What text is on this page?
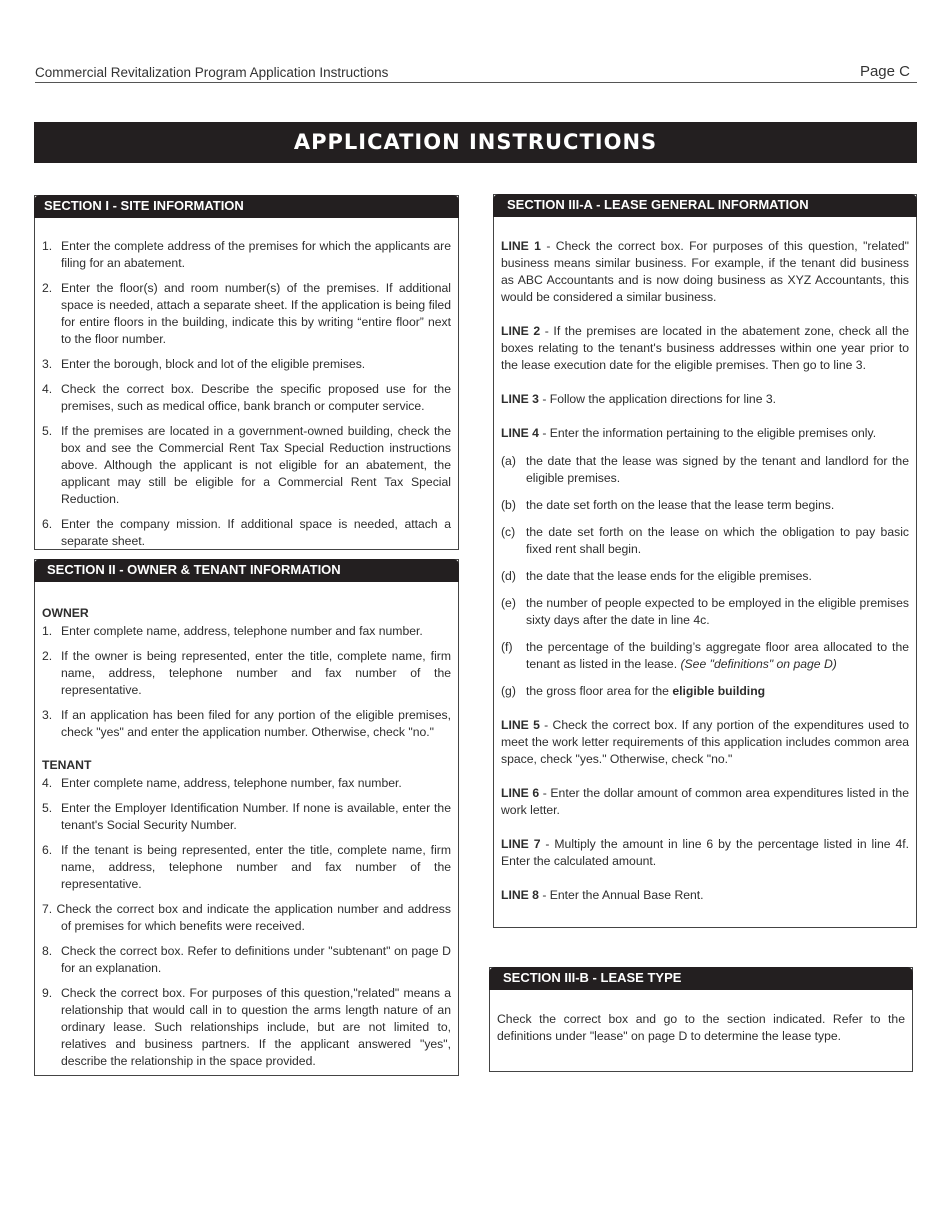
Commercial Revitalization Program Application Instructions	Page C
APPLICATION INSTRUCTIONS
SECTION I - SITE INFORMATION
1. Enter the complete address of the premises for which the applicants are filing for an abatement.
2. Enter the floor(s) and room number(s) of the premises. If additional space is needed, attach a separate sheet. If the application is being filed for entire floors in the building, indicate this by writing “entire floor” next to the floor number.
3. Enter the borough, block and lot of the eligible premises.
4. Check the correct box. Describe the specific proposed use for the premises, such as medical office, bank branch or computer service.
5. If the premises are located in a government-owned building, check the box and see the Commercial Rent Tax Special Reduction instructions above. Although the applicant is not eligible for an abatement, the applicant may still be eligible for a Commercial Rent Tax Special Reduction.
6. Enter the company mission. If additional space is needed, attach a separate sheet.
SECTION II - OWNER & TENANT INFORMATION
OWNER
1. Enter complete name, address, telephone number and fax number.
2. If the owner is being represented, enter the title, complete name, firm name, address, telephone number and fax number of the representative.
3. If an application has been filed for any portion of the eligible premises, check "yes" and enter the application number. Otherwise, check "no."
TENANT
4. Enter complete name, address, telephone number, fax number.
5. Enter the Employer Identification Number. If none is available, enter the tenant's Social Security Number.
6. If the tenant is being represented, enter the title, complete name, firm name, address, telephone number and fax number of the representative.
7. Check the correct box and indicate the application number and address of premises for which benefits were received.
8. Check the correct box. Refer to definitions under "subtenant" on page D for an explanation.
9. Check the correct box. For purposes of this question,"related" means a relationship that would call in to question the arms length nature of an ordinary lease. Such relationships include, but are not limited to, relatives and business partners. If the applicant answered "yes", describe the relationship in the space provided.
SECTION III-A - LEASE GENERAL INFORMATION
LINE 1 - Check the correct box. For purposes of this question, "related" business means similar business. For example, if the tenant did business as ABC Accountants and is now doing business as XYZ Accountants, this would be considered a similar business.
LINE 2 - If the premises are located in the abatement zone, check all the boxes relating to the tenant's business addresses within one year prior to the lease execution date for the eligible premises. Then go to line 3.
LINE 3 - Follow the application directions for line 3.
LINE 4 - Enter the information pertaining to the eligible premises only.
(a) the date that the lease was signed by the tenant and landlord for the eligible premises.
(b) the date set forth on the lease that the lease term begins.
(c) the date set forth on the lease on which the obligation to pay basic fixed rent shall begin.
(d) the date that the lease ends for the eligible premises.
(e) the number of people expected to be employed in the eligible premises sixty days after the date in line 4c.
(f) the percentage of the building’s aggregate floor area allocated to the tenant as listed in the lease. (See "definitions" on page D)
(g) the gross floor area for the eligible building
LINE 5 - Check the correct box. If any portion of the expenditures used to meet the work letter requirements of this application includes common area space, check "yes." Otherwise, check "no."
LINE 6 - Enter the dollar amount of common area expenditures listed in the work letter.
LINE 7 - Multiply the amount in line 6 by the percentage listed in line 4f. Enter the calculated amount.
LINE 8 - Enter the Annual Base Rent.
SECTION III-B - LEASE TYPE
Check the correct box and go to the section indicated. Refer to the definitions under "lease" on page D to determine the lease type.
